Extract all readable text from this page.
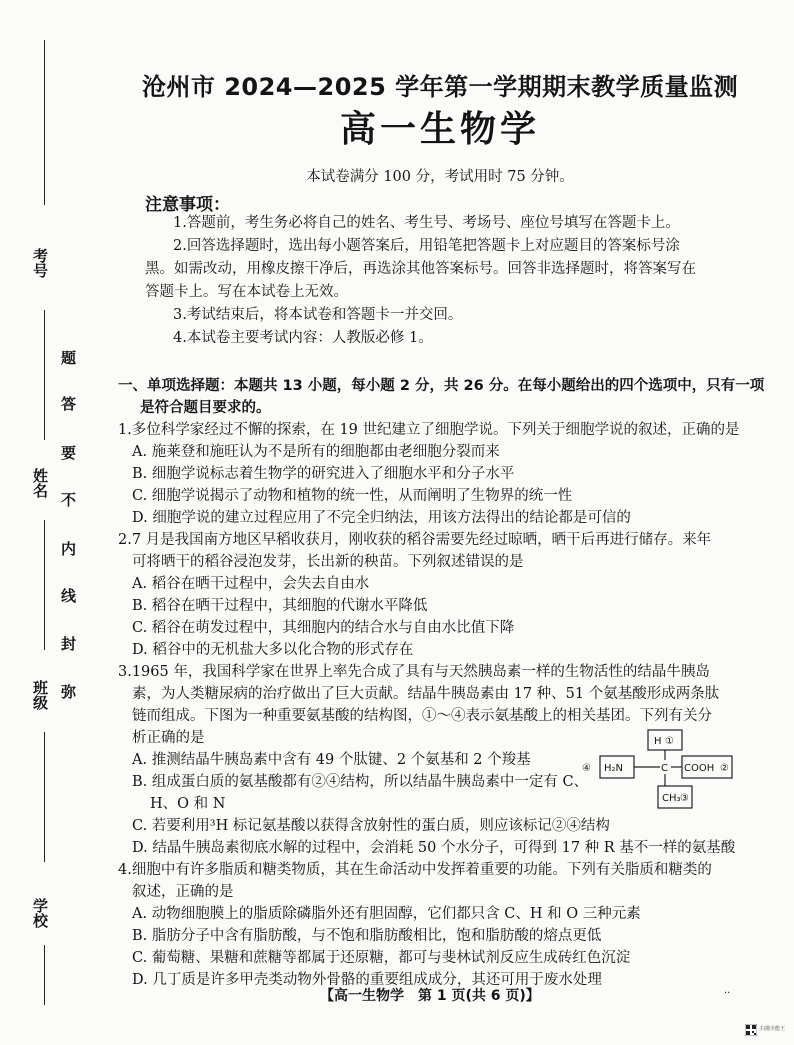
考号
姓名
班级
学校
题
答
要
不
内
线
封
弥
沧州市 2024—2025 学年第一学期期末教学质量监测
高一生物学
本试卷满分 100 分，考试用时 75 分钟。
注意事项：
1.答题前，考生务必将自己的姓名、考生号、考场号、座位号填写在答题卡上。
2.回答选择题时，选出每小题答案后，用铅笔把答题卡上对应题目的答案标号涂
黑。如需改动，用橡皮擦干净后，再选涂其他答案标号。回答非选择题时，将答案写在
答题卡上。写在本试卷上无效。
3.考试结束后，将本试卷和答题卡一并交回。
4.本试卷主要考试内容：人教版必修 1。
一、单项选择题：本题共 13 小题，每小题 2 分，共 26 分。在每小题给出的四个选项中，只有一项
是符合题目要求的。
1.多位科学家经过不懈的探索，在 19 世纪建立了细胞学说。下列关于细胞学说的叙述，正确的是
A. 施莱登和施旺认为不是所有的细胞都由老细胞分裂而来
B. 细胞学说标志着生物学的研究进入了细胞水平和分子水平
C. 细胞学说揭示了动物和植物的统一性，从而阐明了生物界的统一性
D. 细胞学说的建立过程应用了不完全归纳法，用该方法得出的结论都是可信的
2.7 月是我国南方地区早稻收获月，刚收获的稻谷需要先经过晾晒，晒干后再进行储存。来年
可将晒干的稻谷浸泡发芽，长出新的秧苗。下列叙述错误的是
A. 稻谷在晒干过程中，会失去自由水
B. 稻谷在晒干过程中，其细胞的代谢水平降低
C. 稻谷在萌发过程中，其细胞内的结合水与自由水比值下降
D. 稻谷中的无机盐大多以化合物的形式存在
3.1965 年，我国科学家在世界上率先合成了具有与天然胰岛素一样的生物活性的结晶牛胰岛
素，为人类糖尿病的治疗做出了巨大贡献。结晶牛胰岛素由 17 种、51 个氨基酸形成两条肽
链而组成。下图为一种重要氨基酸的结构图，①～④表示氨基酸上的相关基团。下列有关分
析正确的是
A. 推测结晶牛胰岛素中含有 49 个肽键、2 个氨基和 2 个羧基
B. 组成蛋白质的氨基酸都有②④结构，所以结晶牛胰岛素中一定有 C、
H、O 和 N
C. 若要利用³H 标记氨基酸以获得含放射性的蛋白质，则应该标记②④结构
D. 结晶牛胰岛素彻底水解的过程中，会消耗 50 个水分子，可得到 17 种 R 基不一样的氨基酸
H ①
C
H₂N
④	COOH ②
CH₃ ③
4.细胞中有许多脂质和糖类物质，其在生命活动中发挥着重要的功能。下列有关脂质和糖类的
叙述，正确的是
A. 动物细胞膜上的脂质除磷脂外还有胆固醇，它们都只含 C、H 和 O 三种元素
B. 脂肪分子中含有脂肪酸，与不饱和脂肪酸相比，饱和脂肪酸的熔点更低
C. 葡萄糖、果糖和蔗糖等都属于还原糖，都可与斐林试剂反应生成砖红色沉淀
D. 几丁质是许多甲壳类动物外骨骼的重要组成成分，其还可用于废水处理
【高一生物学　第 1 页(共 6 页)】	··
扫描全能王
